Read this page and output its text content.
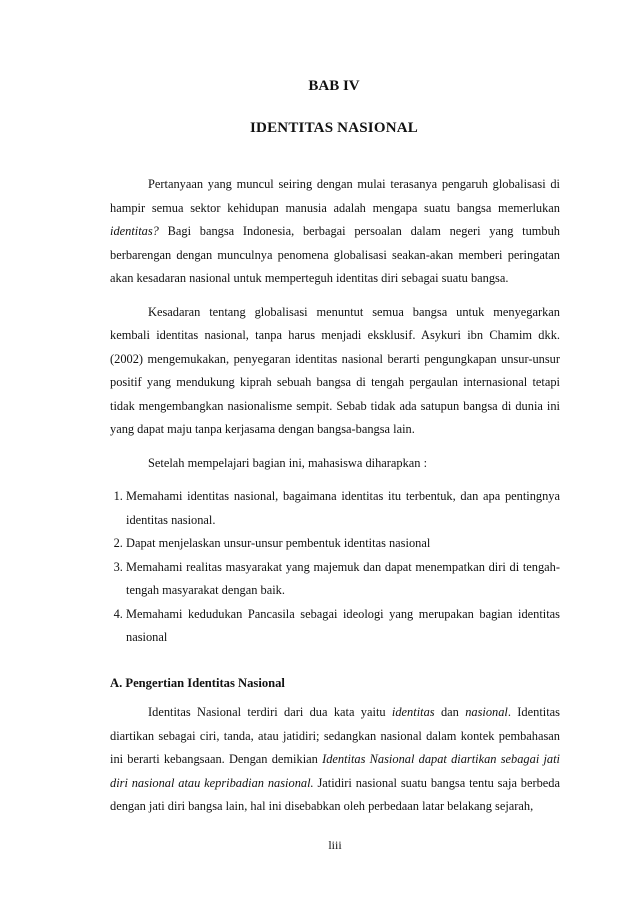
BAB IV
IDENTITAS NASIONAL

Pertanyaan yang muncul seiring dengan mulai terasanya pengaruh globalisasi di hampir semua sektor kehidupan manusia adalah mengapa suatu bangsa memerlukan identitas? Bagi bangsa Indonesia, berbagai persoalan dalam negeri yang tumbuh berbarengan dengan munculnya penomena globalisasi seakan-akan memberi peringatan akan kesadaran nasional untuk memperteguh identitas diri sebagai suatu bangsa.

Kesadaran tentang globalisasi menuntut semua bangsa untuk menyegarkan kembali identitas nasional, tanpa harus menjadi eksklusif. Asykuri ibn Chamim dkk. (2002) mengemukakan, penyegaran identitas nasional berarti pengungkapan unsur-unsur positif yang mendukung kiprah sebuah bangsa di tengah pergaulan internasional tetapi tidak mengembangkan nasionalisme sempit. Sebab tidak ada satupun bangsa di dunia ini yang dapat maju tanpa kerjasama dengan bangsa-bangsa lain.

Setelah mempelajari bagian ini, mahasiswa diharapkan :

1. Memahami identitas nasional, bagaimana identitas itu terbentuk, dan apa pentingnya identitas nasional.
2. Dapat menjelaskan unsur-unsur pembentuk identitas nasional
3. Memahami realitas masyarakat yang majemuk dan dapat menempatkan diri di tengah-tengah masyarakat dengan baik.
4. Memahami kedudukan Pancasila sebagai ideologi yang merupakan bagian identitas nasional
A. Pengertian Identitas Nasional

Identitas Nasional terdiri dari dua kata yaitu identitas dan nasional. Identitas diartikan sebagai ciri, tanda, atau jatidiri; sedangkan nasional dalam kontek pembahasan ini berarti kebangsaan. Dengan demikian Identitas Nasional dapat diartikan sebagai jati diri nasional atau kepribadian nasional. Jatidiri nasional suatu bangsa tentu saja berbeda dengan jati diri bangsa lain, hal ini disebabkan oleh perbedaan latar belakang sejarah,

liii
